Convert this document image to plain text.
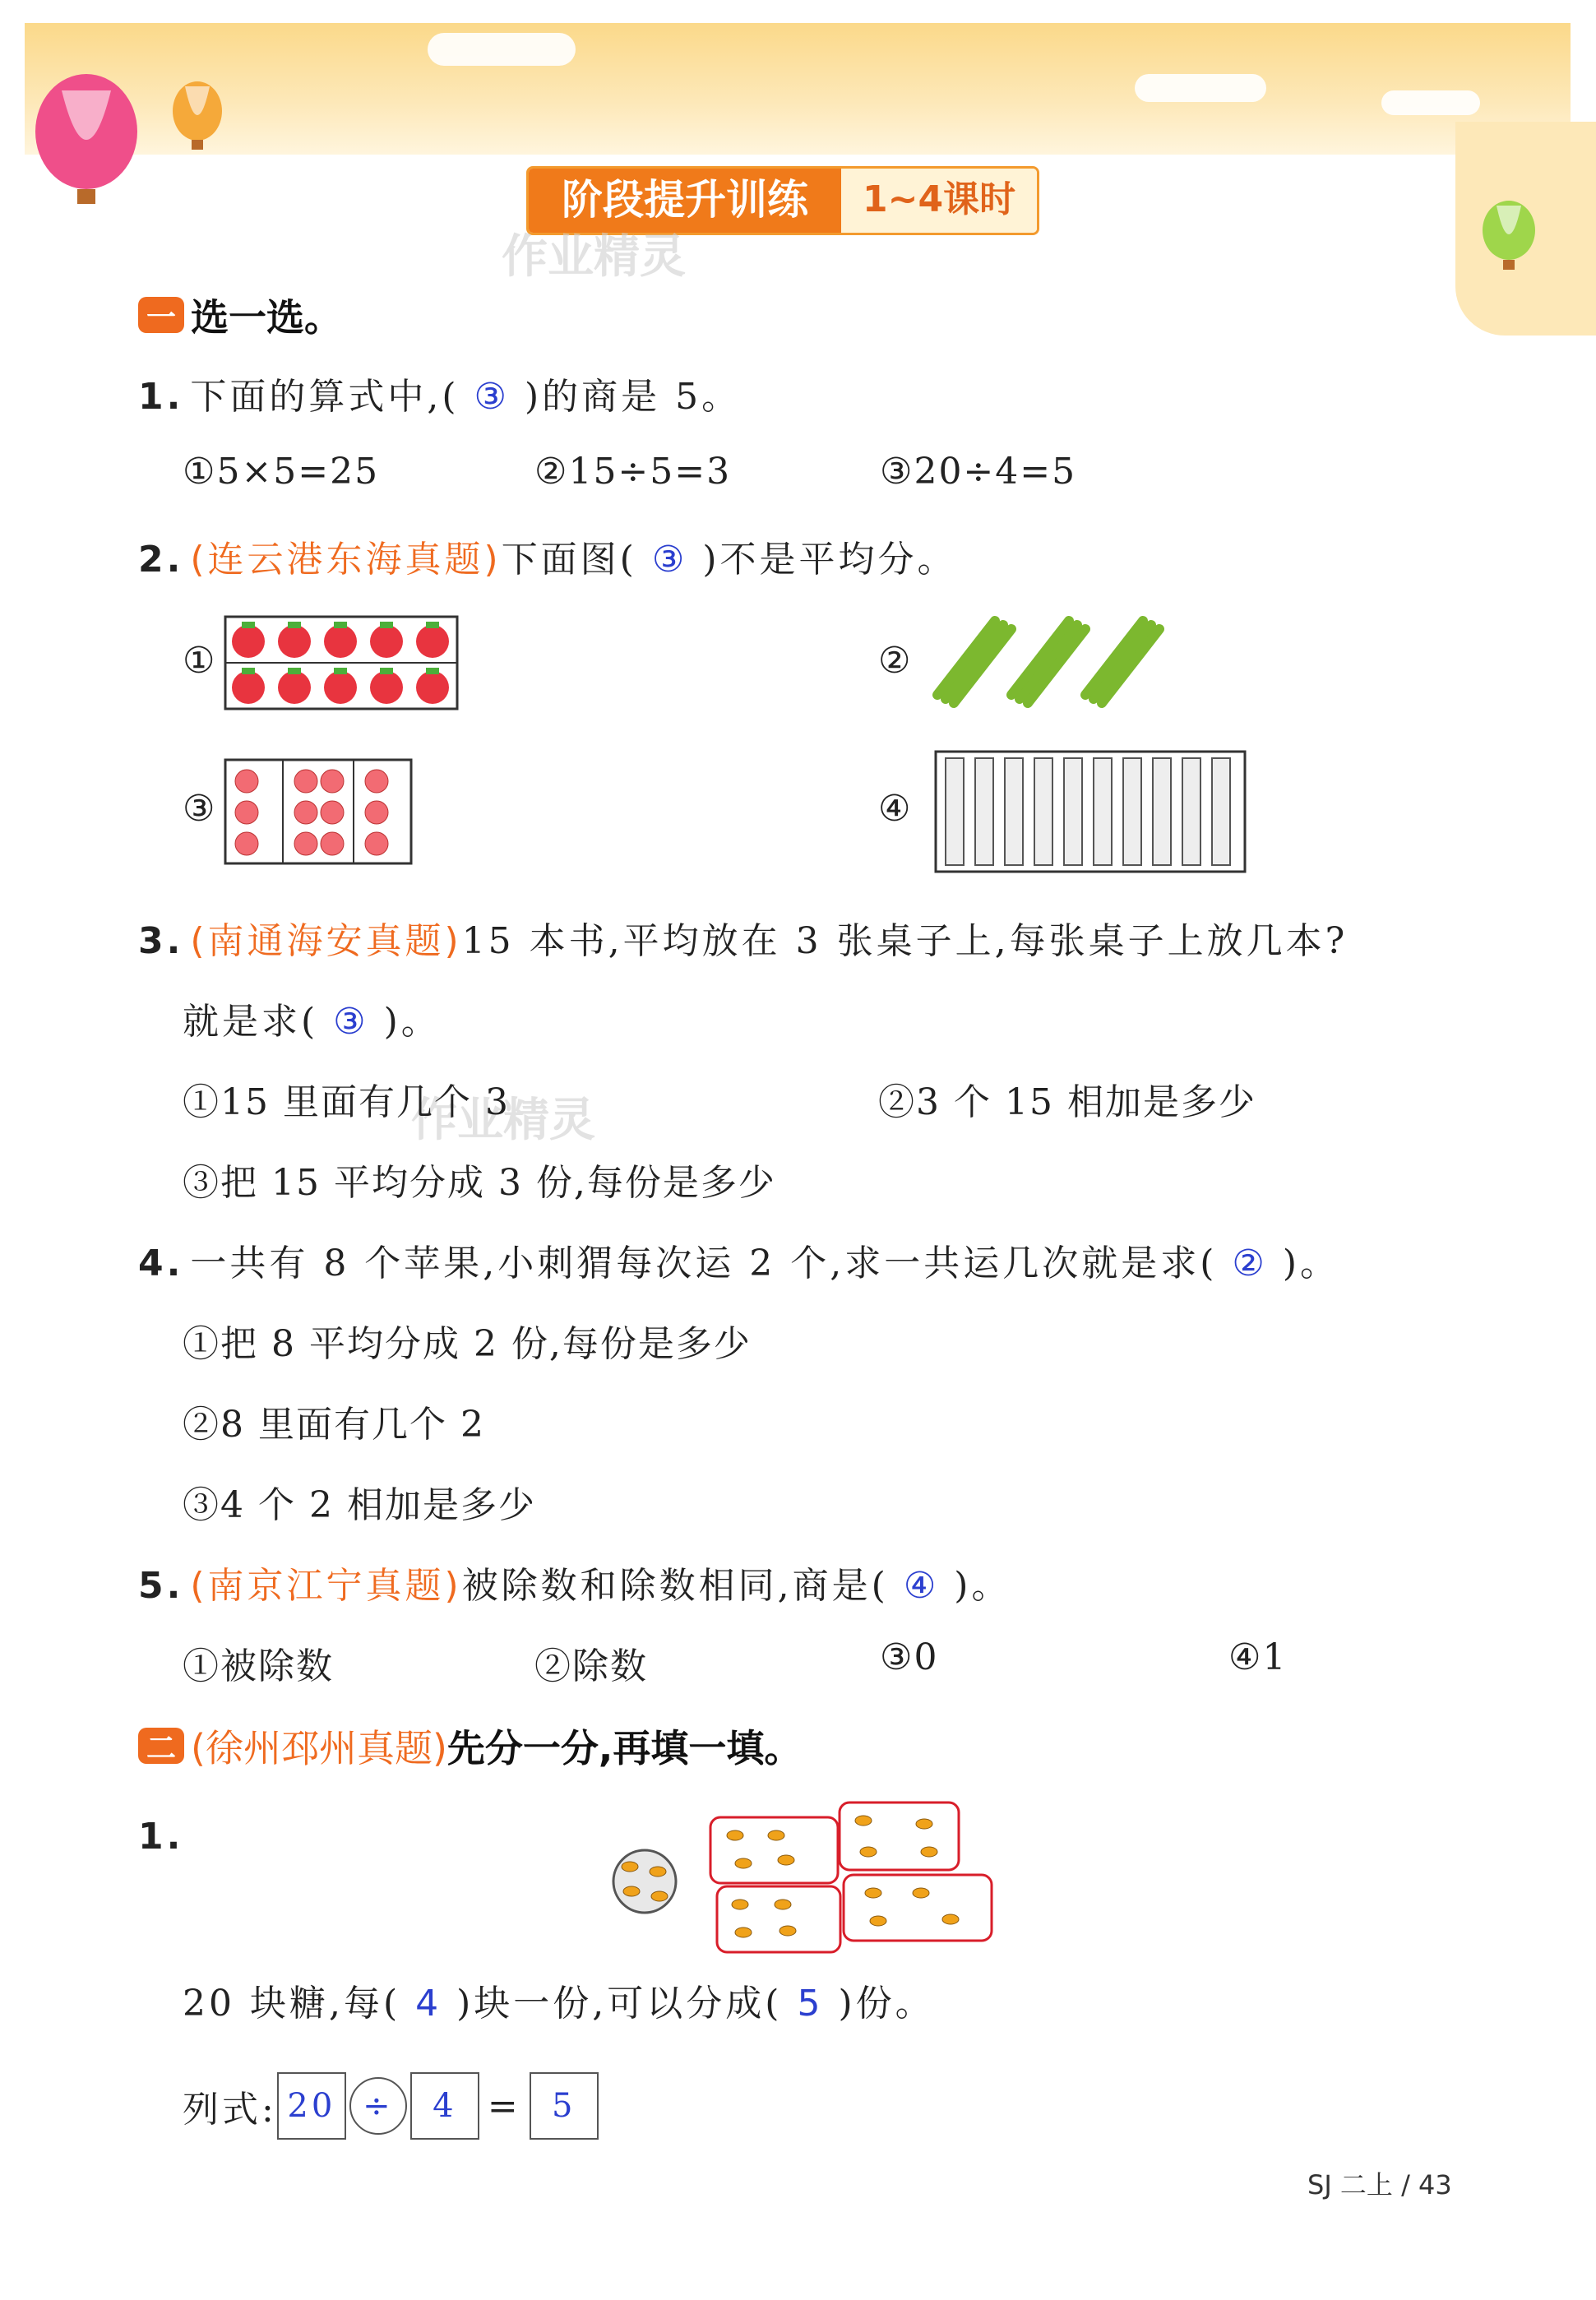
阶段提升训练	1~4课时
作业精灵
作业精灵
一 选一选。
1. 下面的算式中,( ③ )的商是 5。
①5×5=25	②15÷5=3	③20÷4=5
2. (连云港东海真题)下面图( ③ )不是平均分。
①	②
③	④
3. (南通海安真题)15 本书,平均放在 3 张桌子上,每张桌子上放几本?
就是求( ③ )。
①15 里面有几个 3	②3 个 15 相加是多少
③把 15 平均分成 3 份,每份是多少
4. 一共有 8 个苹果,小刺猬每次运 2 个,求一共运几次就是求( ② )。
①把 8 平均分成 2 份,每份是多少
②8 里面有几个 2
③4 个 2 相加是多少
5. (南京江宁真题)被除数和除数相同,商是( ④ )。
①被除数	②除数	③0	④1
二 (徐州邳州真题) 先分一分,再填一填。
1.
20 块糖,每( 4 )块一份,可以分成( 5 )份。
列式: 20 ÷	4 = 5
SJ 二上 / 43
